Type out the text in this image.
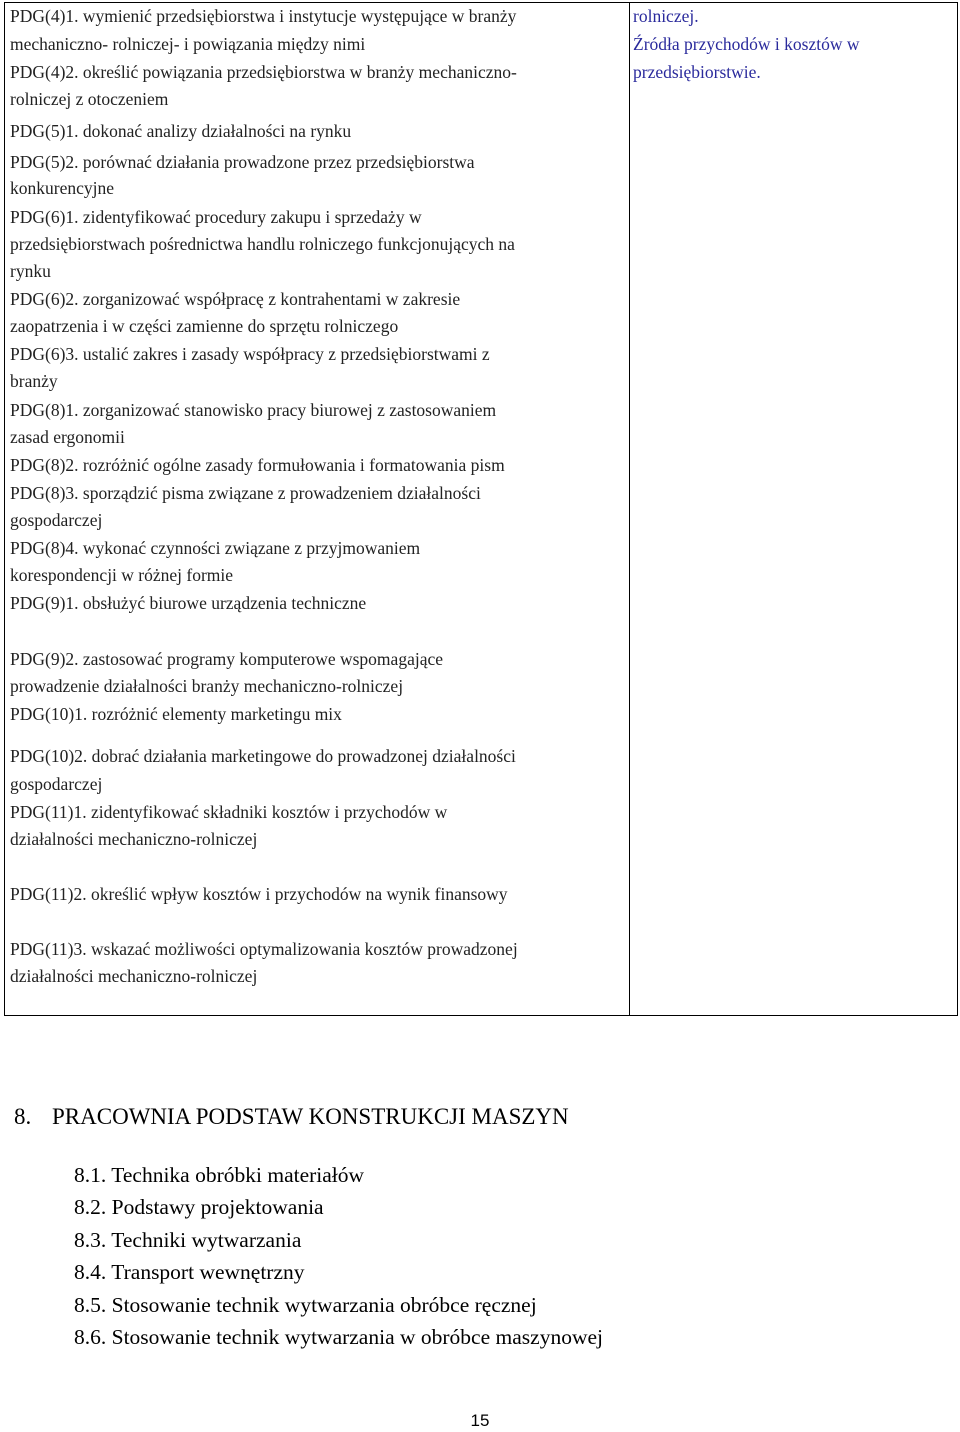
PDG(4)1. wymienić przedsiębiorstwa i instytucje występujące w branży
mechaniczno- rolniczej- i powiązania między nimi
PDG(4)2. określić powiązania przedsiębiorstwa w branży mechaniczno-
rolniczej z otoczeniem
PDG(5)1. dokonać analizy działalności na rynku
PDG(5)2. porównać działania prowadzone przez przedsiębiorstwa
konkurencyjne
PDG(6)1. zidentyfikować procedury zakupu i sprzedaży w
przedsiębiorstwach pośrednictwa handlu rolniczego funkcjonujących na
rynku
PDG(6)2. zorganizować współpracę z kontrahentami w zakresie
zaopatrzenia i w części zamienne do sprzętu rolniczego
PDG(6)3. ustalić zakres i zasady współpracy z przedsiębiorstwami z
branży
PDG(8)1. zorganizować stanowisko pracy biurowej z zastosowaniem
zasad ergonomii
PDG(8)2. rozróżnić ogólne zasady formułowania i formatowania pism
PDG(8)3. sporządzić pisma związane z prowadzeniem działalności
gospodarczej
PDG(8)4. wykonać czynności związane z przyjmowaniem
korespondencji w różnej formie
PDG(9)1. obsłużyć biurowe urządzenia techniczne
PDG(9)2. zastosować programy komputerowe wspomagające
prowadzenie działalności branży mechaniczno-rolniczej
PDG(10)1. rozróżnić elementy marketingu mix
PDG(10)2. dobrać działania marketingowe do prowadzonej działalności
gospodarczej
PDG(11)1. zidentyfikować składniki kosztów i przychodów w
działalności mechaniczno-rolniczej
PDG(11)2. określić wpływ kosztów i przychodów na wynik finansowy
PDG(11)3. wskazać możliwości optymalizowania kosztów prowadzonej
działalności mechaniczno-rolniczej
rolniczej.
Źródła przychodów i kosztów w
przedsiębiorstwie.
8. PRACOWNIA PODSTAW KONSTRUKCJI MASZYN
8.1. Technika obróbki materiałów
8.2. Podstawy projektowania
8.3. Techniki wytwarzania
8.4. Transport wewnętrzny
8.5. Stosowanie technik wytwarzania obróbce ręcznej
8.6. Stosowanie technik wytwarzania w obróbce maszynowej
15
